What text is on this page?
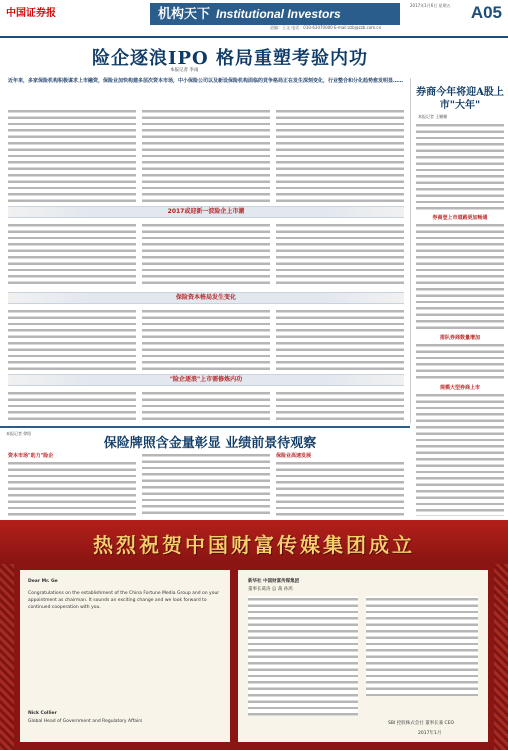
中国证券报	机构天下 Institutional Investors
2017年1月6日 星期五 A05
责编：王文 电话：010-63070000 E-mail:zzb@zzb.com.cn
险企逐浪IPO 格局重塑考验内功
本报记者 李雨
近年来，多家保险机构积极谋求上市融资，保险业加快构建多层次资本市场，中小保险公司以及新设保险机构面临的竞争格局正在发生深刻变化，行业整合和分化趋势愈发明显……
2017或迎新一波险企上市潮
保险资本格局发生变化
"险企逐浪"上市需修炼内功
券商今年将迎A股上市"大年"
本报记者 王姗姗
券商登上市道路更加畅通
排队券商数量增加
规模大型券商上市
本报记者 徐昭
保险牌照含金量彰显 业绩前景待观察
资本市场"助力"险企	保险业高速发展
热烈祝贺中国财富传媒集团成立
Dear Mr. Ge
Congratulations on the establishment of the China Fortune Media Group and on your appointment as chairman. It sounds an exciting change and we look forward to continued cooperation with you.
Nick Collier
Global Head of Government and Regulatory Affairs
新华社 中国财富传媒集团
董事长葛涛 总 裁 孙鸿
SBI 控股株式会社 董事长兼 CEO
2017年1月
